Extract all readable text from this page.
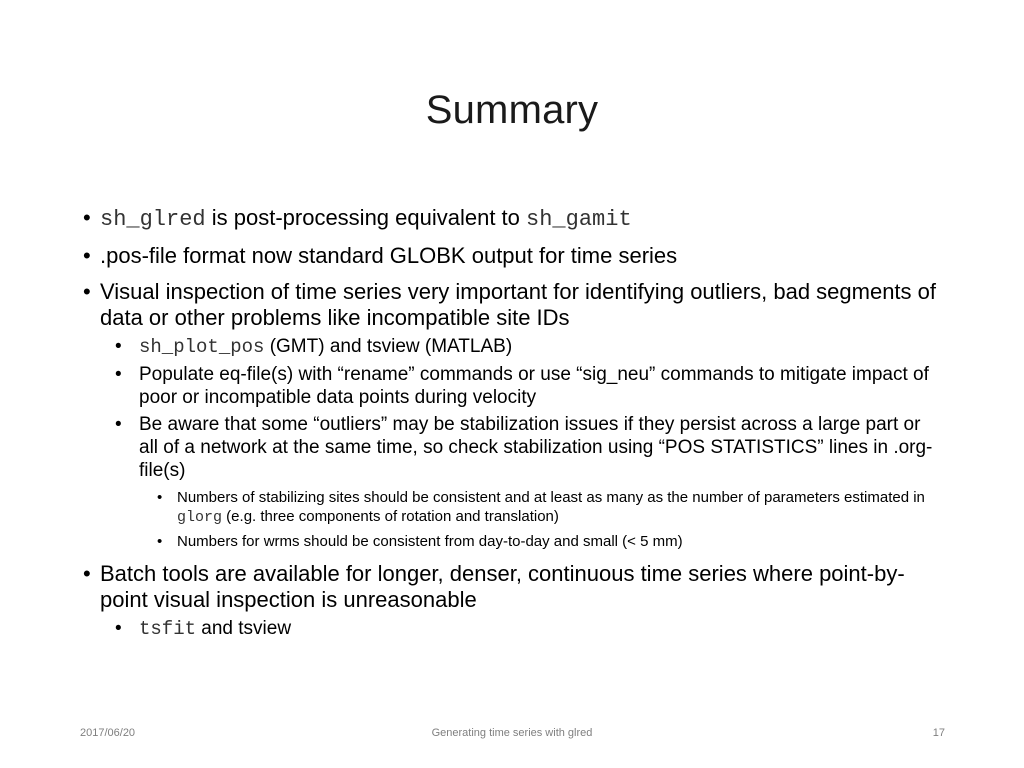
Summary
• sh_glred is post-processing equivalent to sh_gamit
• .pos-file format now standard GLOBK output for time series
• Visual inspection of time series very important for identifying outliers, bad segments of data or other problems like incompatible site IDs
• sh_plot_pos (GMT) and tsview (MATLAB)
• Populate eq-file(s) with “rename” commands or use “sig_neu” commands to mitigate impact of poor or incompatible data points during velocity
• Be aware that some “outliers” may be stabilization issues if they persist across a large part or all of a network at the same time, so check stabilization using “POS STATISTICS” lines in .org-file(s)
• Numbers of stabilizing sites should be consistent and at least as many as the number of parameters estimated in glorg (e.g. three components of rotation and translation)
• Numbers for wrms should be consistent from day-to-day and small (< 5 mm)
• Batch tools are available for longer, denser, continuous time series where point-by-point visual inspection is unreasonable
• tsfit and tsview
2017/06/20	Generating time series with glred	17
